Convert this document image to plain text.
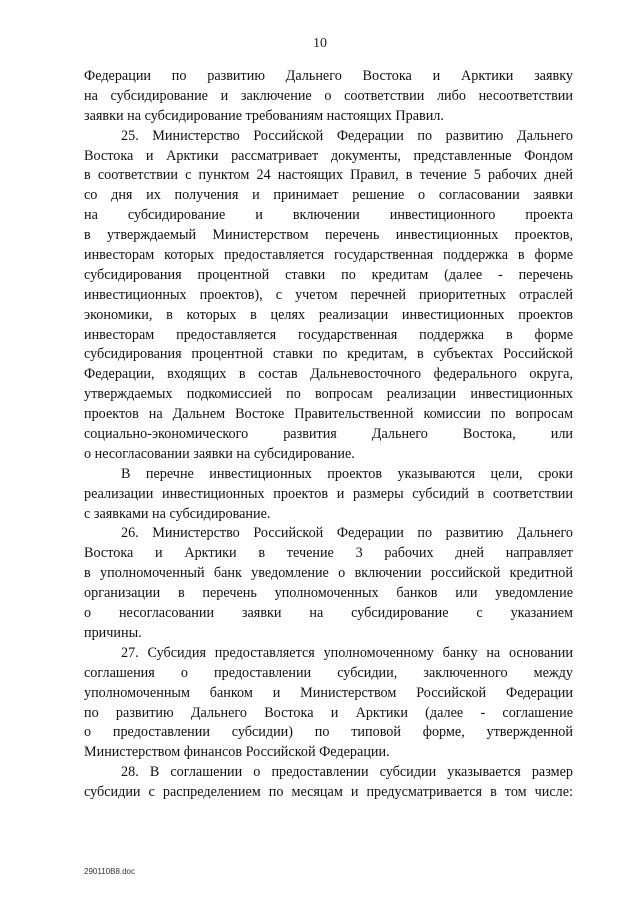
10
Федерации по развитию Дальнего Востока и Арктики заявку
на субсидирование и заключение о соответствии либо несоответствии
заявки на субсидирование требованиям настоящих Правил.
25. Министерство Российской Федерации по развитию Дальнего
Востока и Арктики рассматривает документы, представленные Фондом
в соответствии с пунктом 24 настоящих Правил, в течение 5 рабочих дней
со дня их получения и принимает решение о согласовании заявки
на субсидирование и включении инвестиционного проекта
в утверждаемый Министерством перечень инвестиционных проектов,
инвесторам которых предоставляется государственная поддержка в форме
субсидирования процентной ставки по кредитам (далее - перечень
инвестиционных проектов), с учетом перечней приоритетных отраслей
экономики, в которых в целях реализации инвестиционных проектов
инвесторам предоставляется государственная поддержка в форме
субсидирования процентной ставки по кредитам, в субъектах Российской
Федерации, входящих в состав Дальневосточного федерального округа,
утверждаемых подкомиссией по вопросам реализации инвестиционных
проектов на Дальнем Востоке Правительственной комиссии по вопросам
социально-экономического развития Дальнего Востока, или
о несогласовании заявки на субсидирование.
В перечне инвестиционных проектов указываются цели, сроки
реализации инвестиционных проектов и размеры субсидий в соответствии
с заявками на субсидирование.
26. Министерство Российской Федерации по развитию Дальнего
Востока и Арктики в течение 3 рабочих дней направляет
в уполномоченный банк уведомление о включении российской кредитной
организации в перечень уполномоченных банков или уведомление
о несогласовании заявки на субсидирование с указанием
причины.
27. Субсидия предоставляется уполномоченному банку на основании
соглашения о предоставлении субсидии, заключенного между
уполномоченным банком и Министерством Российской Федерации
по развитию Дальнего Востока и Арктики (далее - соглашение
о предоставлении субсидии) по типовой форме, утвержденной
Министерством финансов Российской Федерации.
28. В соглашении о предоставлении субсидии указывается размер
субсидии с распределением по месяцам и предусматривается в том числе:
290110B8.doc
